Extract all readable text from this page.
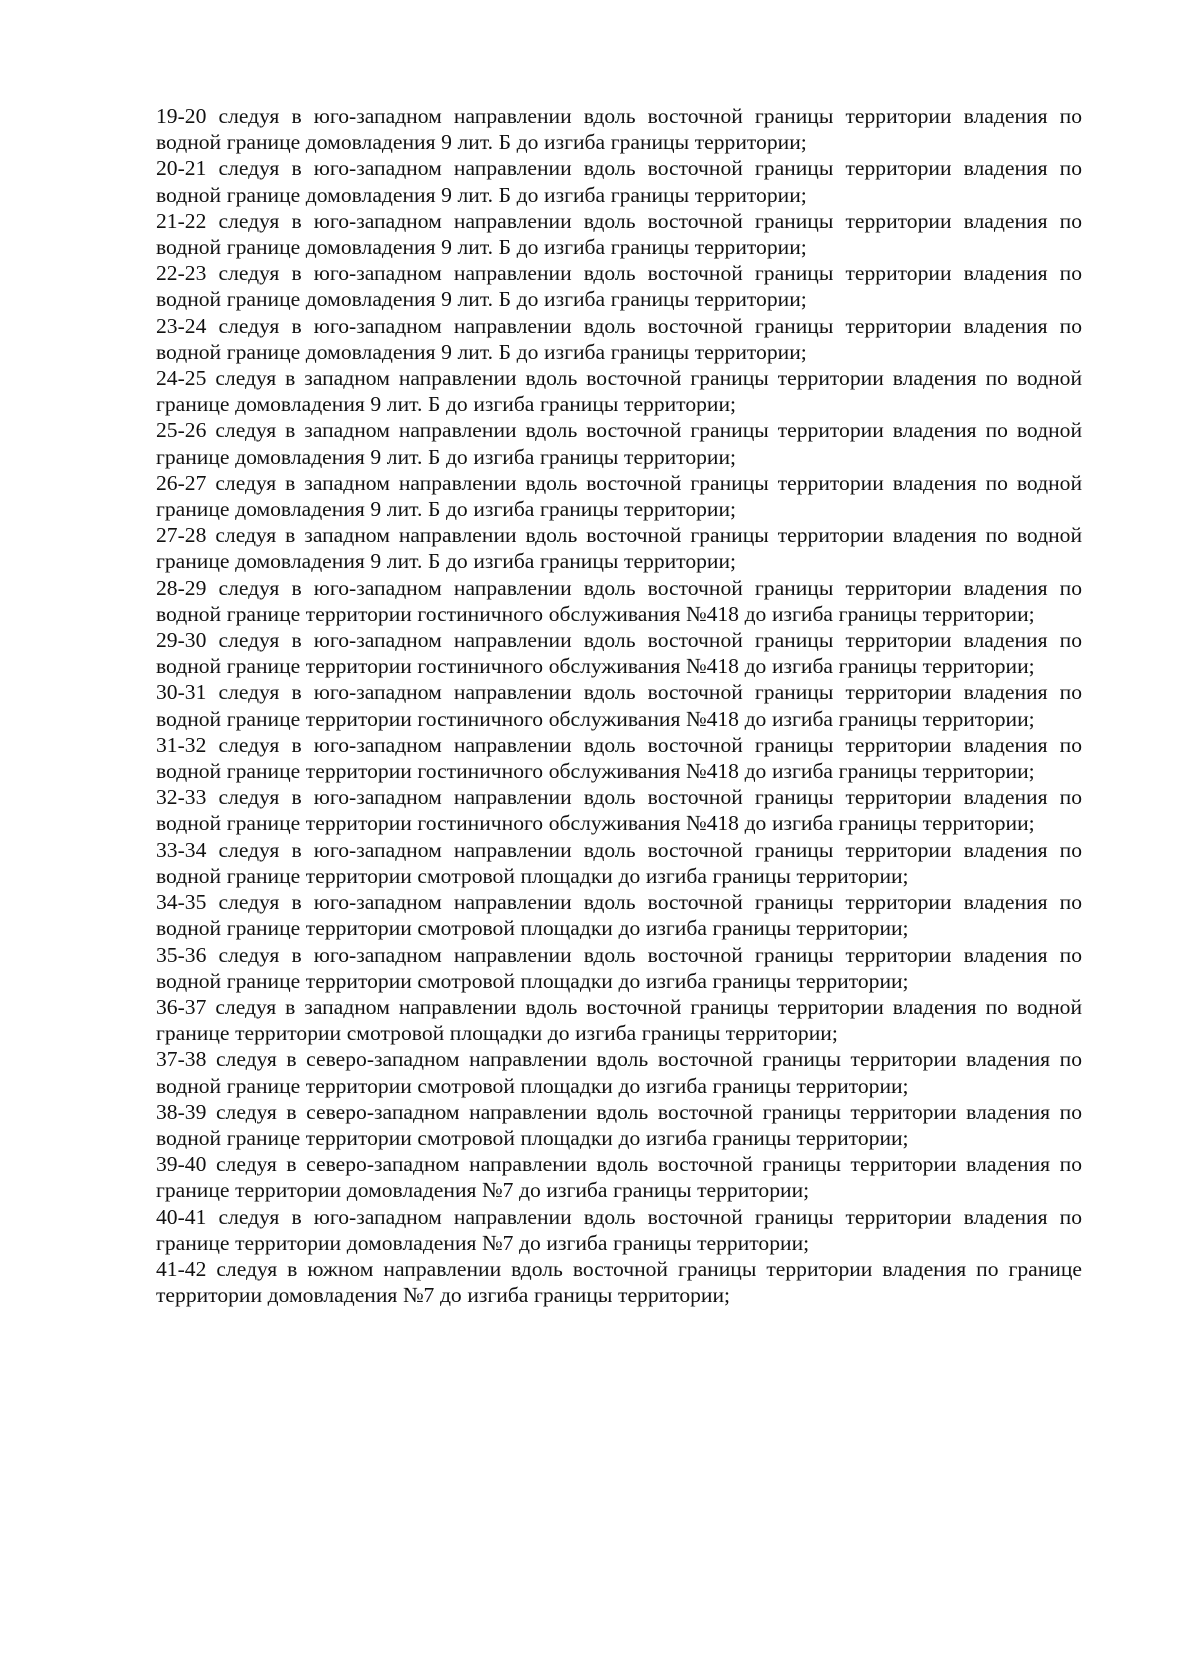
19-20 следуя в юго-западном направлении вдоль восточной границы территории владения по водной границе домовладения 9 лит. Б до изгиба границы территории;

20-21 следуя в юго-западном направлении вдоль восточной границы территории владения по водной границе домовладения 9 лит. Б до изгиба границы территории;

21-22 следуя в юго-западном направлении вдоль восточной границы территории владения по водной границе домовладения 9 лит. Б до изгиба границы территории;

22-23 следуя в юго-западном направлении вдоль восточной границы территории владения по водной границе домовладения 9 лит. Б до изгиба границы территории;

23-24 следуя в юго-западном направлении вдоль восточной границы территории владения по водной границе домовладения 9 лит. Б до изгиба границы территории;

24-25 следуя в западном направлении вдоль восточной границы территории владения по водной границе домовладения 9 лит. Б до изгиба границы территории;

25-26 следуя в западном направлении вдоль восточной границы территории владения по водной границе домовладения 9 лит. Б до изгиба границы территории;

26-27 следуя в западном направлении вдоль восточной границы территории владения по водной границе домовладения 9 лит. Б до изгиба границы территории;

27-28 следуя в западном направлении вдоль восточной границы территории владения по водной границе домовладения 9 лит. Б до изгиба границы территории;

28-29 следуя в юго-западном направлении вдоль восточной границы территории владения по водной границе территории гостиничного обслуживания №418 до изгиба границы территории;

29-30 следуя в юго-западном направлении вдоль восточной границы территории владения по водной границе территории гостиничного обслуживания №418 до изгиба границы территории;

30-31 следуя в юго-западном направлении вдоль восточной границы территории владения по водной границе территории гостиничного обслуживания №418 до изгиба границы территории;

31-32 следуя в юго-западном направлении вдоль восточной границы территории владения по водной границе территории гостиничного обслуживания №418 до изгиба границы территории;

32-33 следуя в юго-западном направлении вдоль восточной границы территории владения по водной границе территории гостиничного обслуживания №418 до изгиба границы территории;

33-34 следуя в юго-западном направлении вдоль восточной границы территории владения по водной границе территории смотровой площадки до изгиба границы территории;

34-35 следуя в юго-западном направлении вдоль восточной границы территории владения по водной границе территории смотровой площадки до изгиба границы территории;

35-36 следуя в юго-западном направлении вдоль восточной границы территории владения по водной границе территории смотровой площадки до изгиба границы территории;

36-37 следуя в западном направлении вдоль восточной границы территории владения по водной границе территории смотровой площадки до изгиба границы территории;

37-38 следуя в северо-западном направлении вдоль восточной границы территории владения по водной границе территории смотровой площадки до изгиба границы территории;

38-39 следуя в северо-западном направлении вдоль восточной границы территории владения по водной границе территории смотровой площадки до изгиба границы территории;

39-40 следуя в северо-западном направлении вдоль восточной границы территории владения по границе территории домовладения №7 до изгиба границы территории;

40-41 следуя в юго-западном направлении вдоль восточной границы территории владения по границе территории домовладения №7 до изгиба границы территории;

41-42 следуя в южном направлении вдоль восточной границы территории владения по границе территории домовладения №7 до изгиба границы территории;
